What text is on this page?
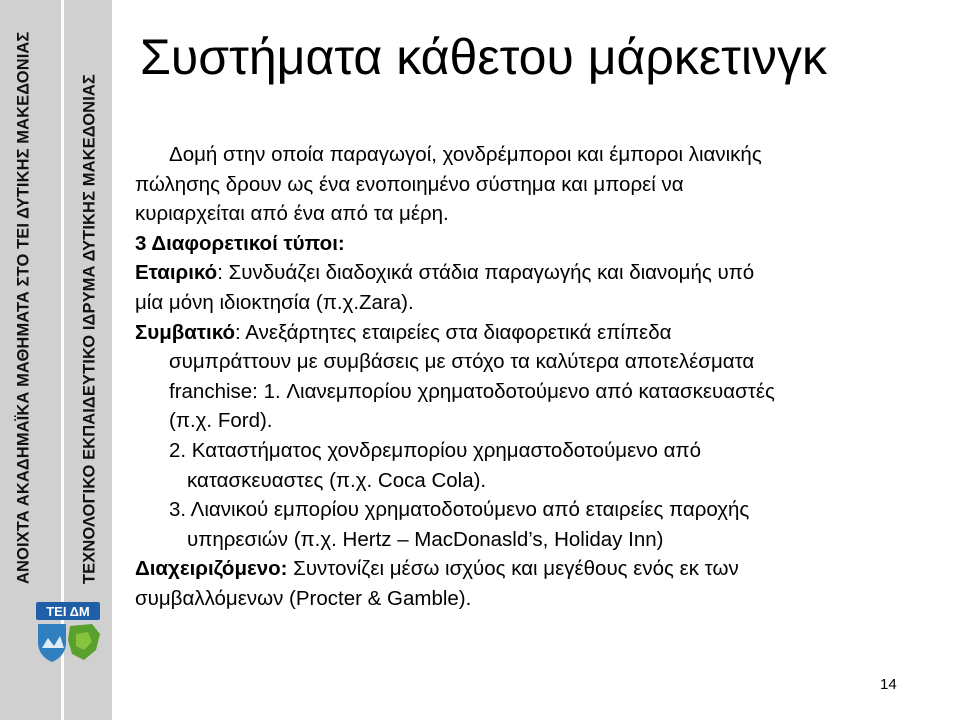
ΑΝΟΙΧΤΑ ΑΚΑΔΗΜΑΪΚΑ ΜΑΘΗΜΑΤΑ ΣΤΟ ΤΕΙ ΔΥΤΙΚΗΣ ΜΑΚΕΔΟΝΙΑΣ	ΤΕΧΝΟΛΟΓΙΚΟ ΕΚΠΑΙΔΕΥΤΙΚΟ ΙΔΡΥΜΑ ΔΥΤΙΚΗΣ ΜΑΚΕΔΟΝΙΑΣ
ΤΕΙ ΔΜ
Συστήματα κάθετου μάρκετινγκ

Δομή στην οποία παραγωγοί, χονδρέμποροι και έμποροι λιανικής

πώλησης δρουν ως ένα ενοποιημένο σύστημα και μπορεί να

κυριαρχείται από ένα από τα μέρη.

3 Διαφορετικοί τύποι:

Εταιρικό: Συνδυάζει διαδοχικά στάδια παραγωγής και διανομής υπό

μία μόνη ιδιοκτησία (π.χ.Zara).

Συμβατικό: Ανεξάρτητες εταιρείες στα διαφορετικά επίπεδα

συμπράττουν με συμβάσεις με στόχο τα καλύτερα αποτελέσματα

franchise: 1. Λιανεμπορίου χρηματοδοτούμενο από κατασκευαστές

(π.χ. Ford).

2. Καταστήματος χονδρεμπορίου χρημαστοδοτούμενο από

κατασκευαστες (π.χ. Coca Cola).

3. Λιανικού εμπορίου χρηματοδοτούμενο από εταιρείες παροχής

υπηρεσιών (π.χ. Hertz – MacDonasld’s, Holiday Inn)

Διαχειριζόμενο: Συντονίζει μέσω ισχύος και μεγέθους ενός εκ των

συμβαλλόμενων (Procter & Gamble).

14
